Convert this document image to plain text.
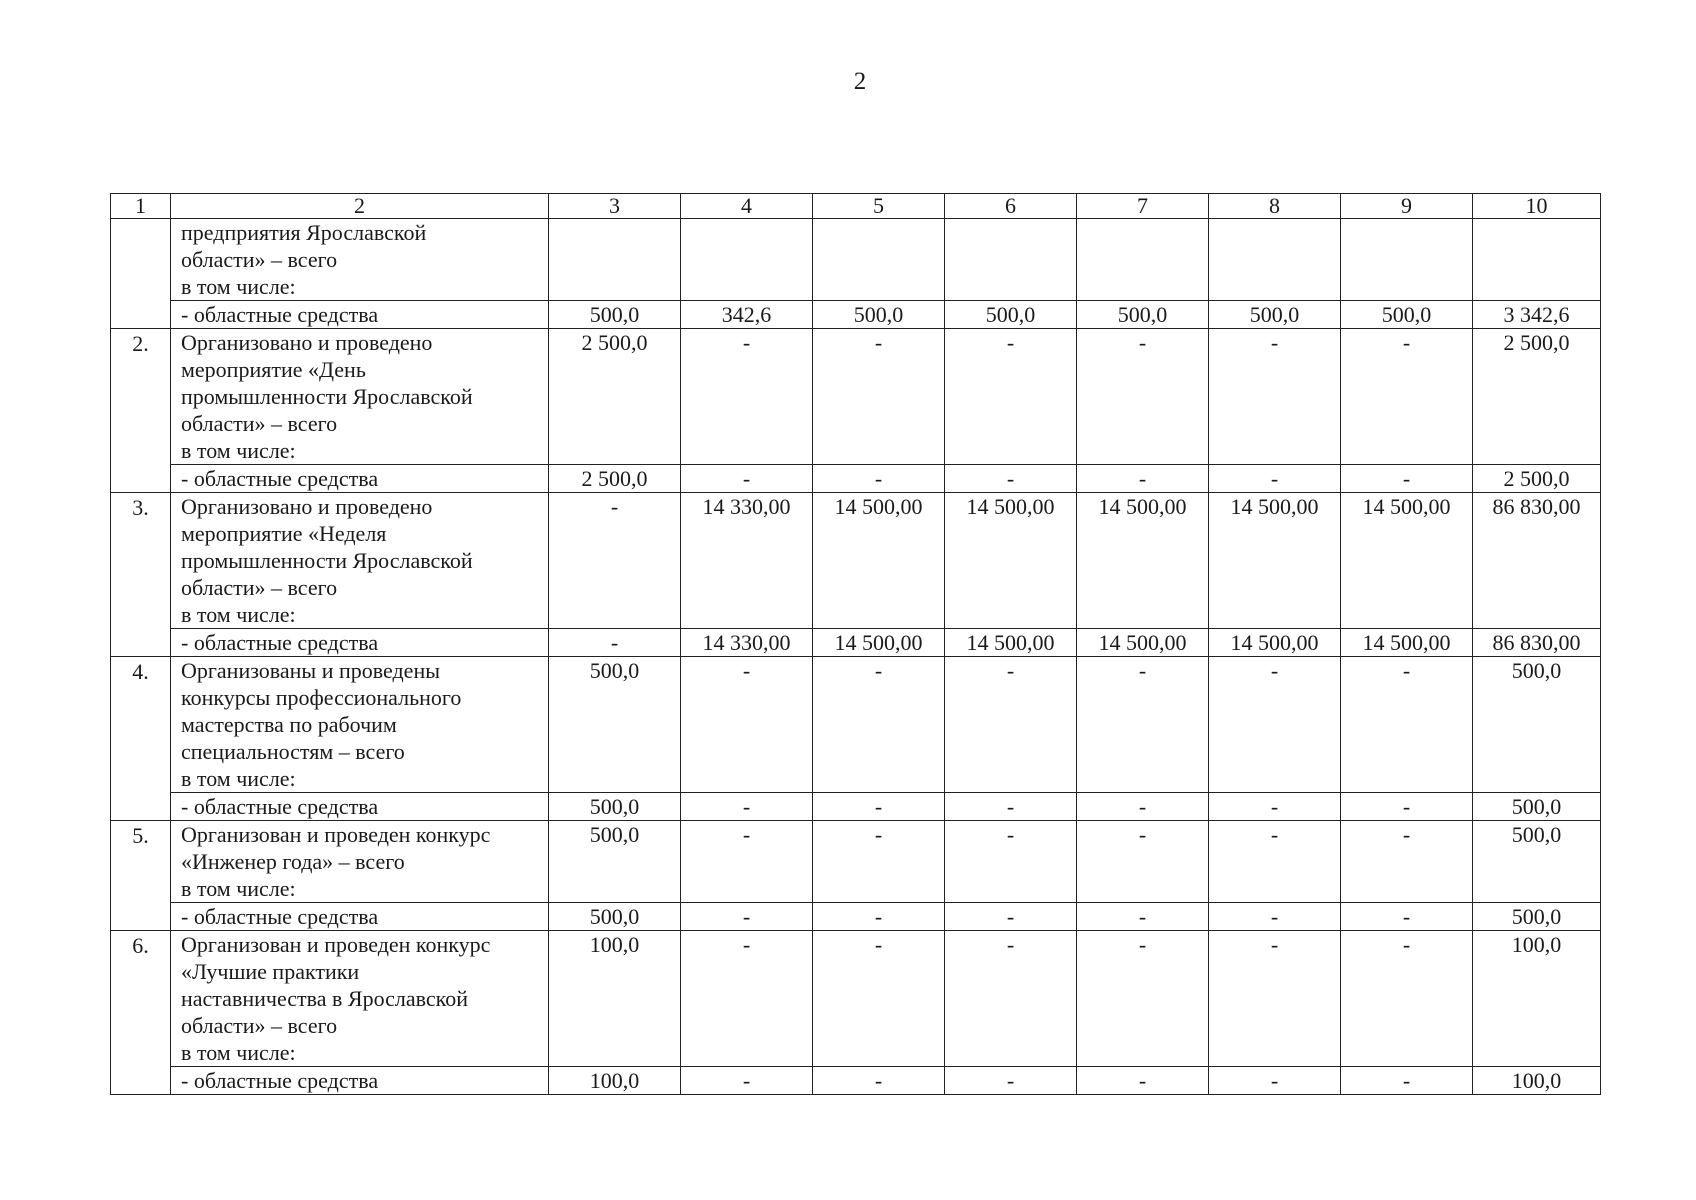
2
1	2	3	4	5	6	7	8	9	10
	предприятия Ярославской
области» – всего
в том числе:								
	- областные средства	500,0	342,6	500,0	500,0	500,0	500,0	500,0	3 342,6
2.	Организовано и проведено
мероприятие «День
промышленности Ярославской
области» – всего
в том числе:	2 500,0	-	-	-	-	-	-	2 500,0
	- областные средства	2 500,0	-	-	-	-	-	-	2 500,0
3.	Организовано и проведено
мероприятие «Неделя
промышленности Ярославской
области» – всего
в том числе:	-	14 330,00	14 500,00	14 500,00	14 500,00	14 500,00	14 500,00	86 830,00
	- областные средства	-	14 330,00	14 500,00	14 500,00	14 500,00	14 500,00	14 500,00	86 830,00
4.	Организованы и проведены
конкурсы профессионального
мастерства по рабочим
специальностям – всего
в том числе:	500,0	-	-	-	-	-	-	500,0
	- областные средства	500,0	-	-	-	-	-	-	500,0
5.	Организован и проведен конкурс
«Инженер года» – всего
в том числе:	500,0	-	-	-	-	-	-	500,0
	- областные средства	500,0	-	-	-	-	-	-	500,0
6.	Организован и проведен конкурс
«Лучшие практики
наставничества в Ярославской
области» – всего
в том числе:	100,0	-	-	-	-	-	-	100,0
	- областные средства	100,0	-	-	-	-	-	-	100,0
